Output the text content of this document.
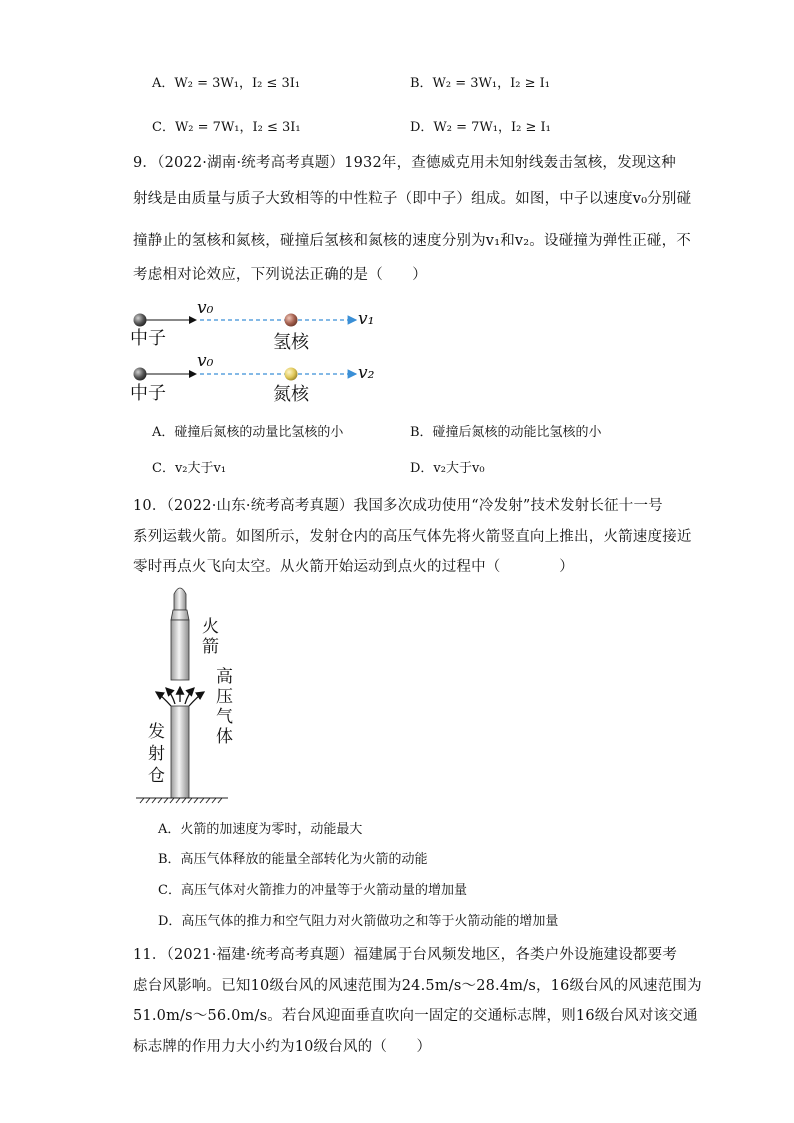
A．W₂ = 3W₁，I₂ ≤ 3I₁	B．W₂ = 3W₁，I₂ ≥ I₁
C．W₂ = 7W₁，I₂ ≤ 3I₁	D．W₂ = 7W₁，I₂ ≥ I₁
9．（2022·湖南·统考高考真题）1932年，查德威克用未知射线轰击氢核，发现这种
射线是由质量与质子大致相等的中性粒子（即中子）组成。如图，中子以速度v₀分别碰
撞静止的氢核和氮核，碰撞后氢核和氮核的速度分别为v₁和v₂。设碰撞为弹性正碰，不
考虑相对论效应，下列说法正确的是（　　）
中子	氢核
v₀
v₁
中子	氮核
v₀
v₂
A．碰撞后氮核的动量比氢核的小	B．碰撞后氮核的动能比氢核的小
C．v₂大于v₁	D．v₂大于v₀
10．（2022·山东·统考高考真题）我国多次成功使用“冷发射”技术发射长征十一号
系列运载火箭。如图所示，发射仓内的高压气体先将火箭竖直向上推出，火箭速度接近
零时再点火飞向太空。从火箭开始运动到点火的过程中（　　　　）
火
箭
高
压
气
体
发
射
仓
A．火箭的加速度为零时，动能最大
B．高压气体释放的能量全部转化为火箭的动能
C．高压气体对火箭推力的冲量等于火箭动量的增加量
D．高压气体的推力和空气阻力对火箭做功之和等于火箭动能的增加量
11．（2021·福建·统考高考真题）福建属于台风频发地区，各类户外设施建设都要考
虑台风影响。已知10级台风的风速范围为24.5m/s～28.4m/s，16级台风的风速范围为
51.0m/s～56.0m/s。若台风迎面垂直吹向一固定的交通标志牌，则16级台风对该交通
标志牌的作用力大小约为10级台风的（　　）
